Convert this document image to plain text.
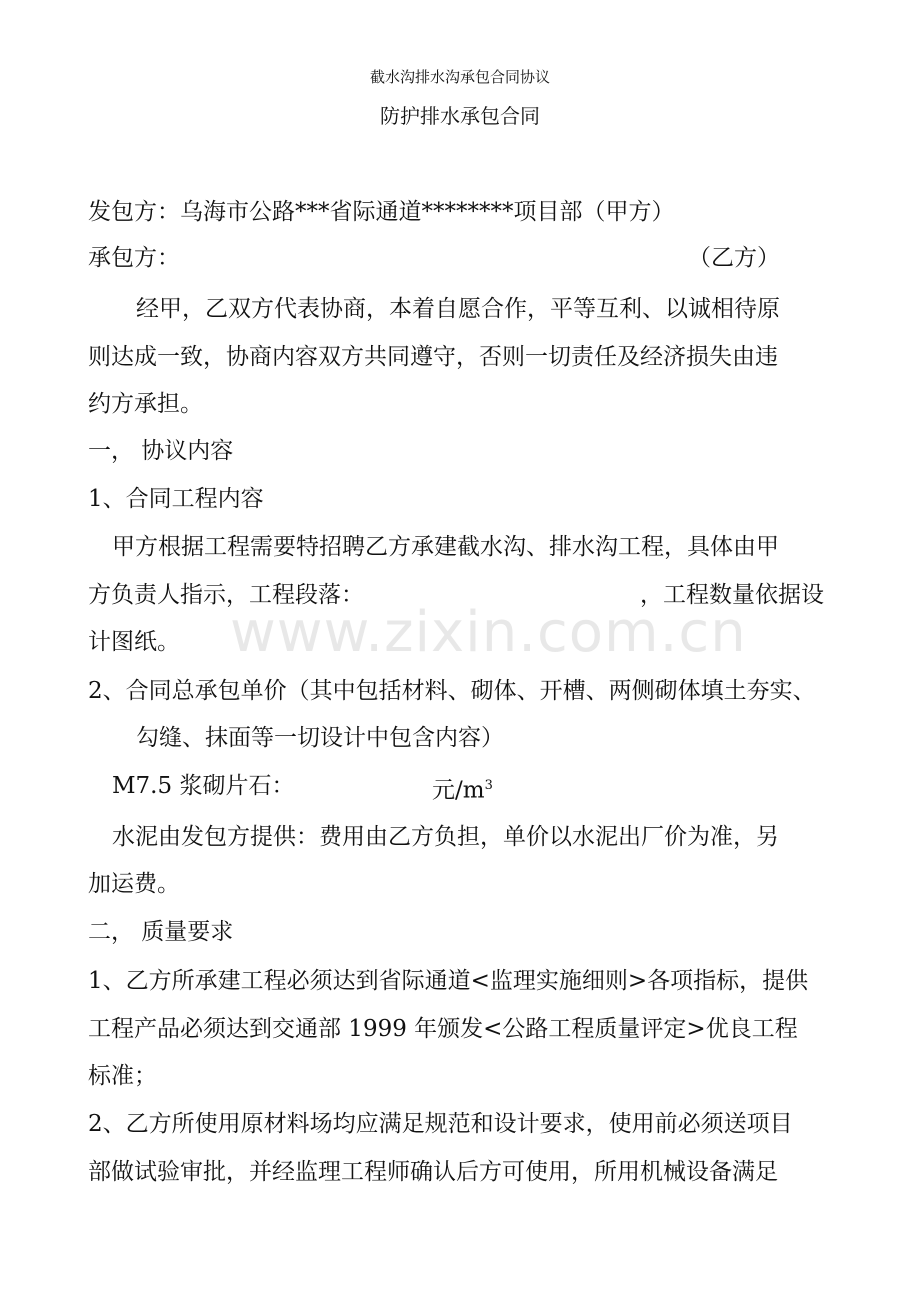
截水沟排水沟承包合同协议
防护排水承包合同
发包方：乌海市公路***省际通道********项目部（甲方）
承包方：	（乙方）
经甲，乙双方代表协商，本着自愿合作，平等互利、以诚相待原
则达成一致，协商内容双方共同遵守，否则一切责任及经济损失由违
约方承担。
一， 协议内容
1、合同工程内容
甲方根据工程需要特招聘乙方承建截水沟、排水沟工程，具体由甲
方负责人指示，工程段落：	，工程数量依据设
计图纸。
2、合同总承包单价（其中包括材料、砌体、开槽、两侧砌体填土夯实、
勾缝、抹面等一切设计中包含内容）
M7.5 浆砌片石：	元$/m^3$
水泥由发包方提供：费用由乙方负担，单价以水泥出厂价为准，另
加运费。
二， 质量要求
1、乙方所承建工程必须达到省际通道<监理实施细则>各项指标，提供
工程产品必须达到交通部 1999 年颁发<公路工程质量评定>优良工程
标准；
2、乙方所使用原材料场均应满足规范和设计要求，使用前必须送项目
部做试验审批，并经监理工程师确认后方可使用，所用机械设备满足
www.zixin.com.cn
